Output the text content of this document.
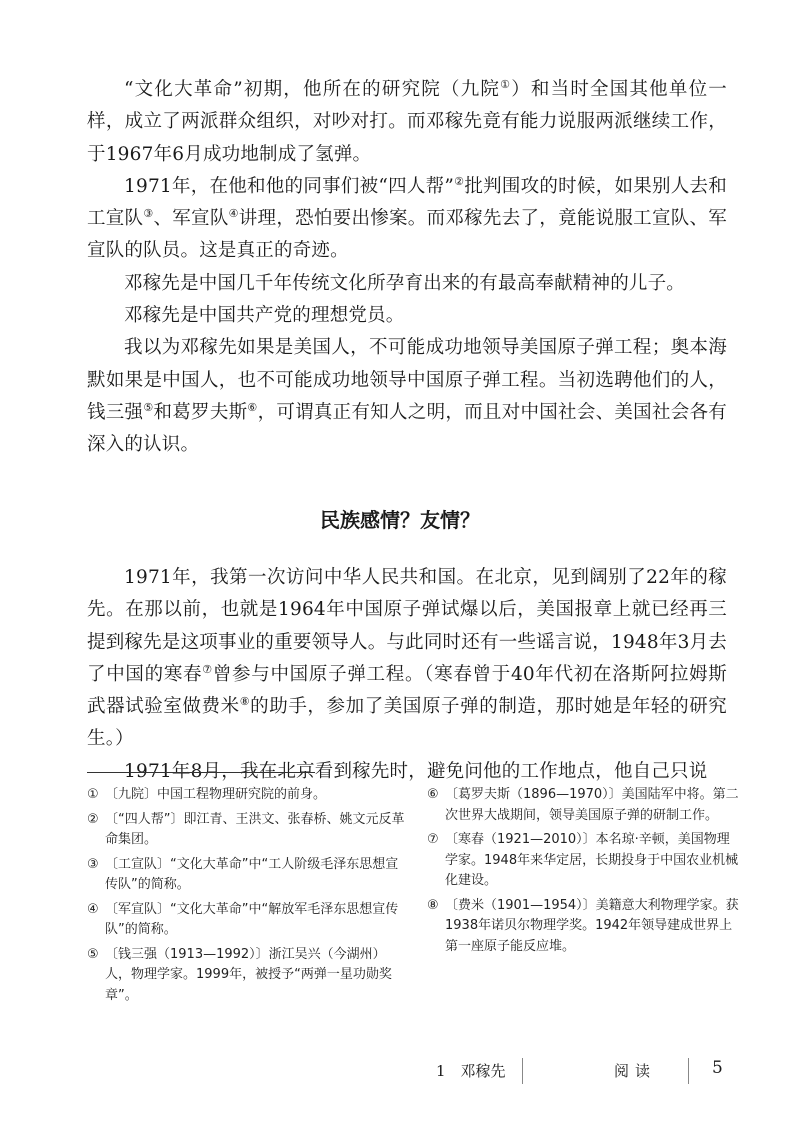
“文化大革命”初期，他所在的研究院（九院①）和当时全国其他单位一样，成立了两派群众组织，对吵对打。而邓稼先竟有能力说服两派继续工作，于1967年6月成功地制成了氢弹。

1971年，在他和他的同事们被“四人帮”②批判围攻的时候，如果别人去和工宣队③、军宣队④讲理，恐怕要出惨案。而邓稼先去了，竟能说服工宣队、军宣队的队员。这是真正的奇迹。

邓稼先是中国几千年传统文化所孕育出来的有最高奉献精神的儿子。

邓稼先是中国共产党的理想党员。

我以为邓稼先如果是美国人，不可能成功地领导美国原子弹工程；奥本海默如果是中国人，也不可能成功地领导中国原子弹工程。当初选聘他们的人，钱三强⑤和葛罗夫斯⑥，可谓真正有知人之明，而且对中国社会、美国社会各有深入的认识。

民族感情？友情？

1971年，我第一次访问中华人民共和国。在北京，见到阔别了22年的稼先。在那以前，也就是1964年中国原子弹试爆以后，美国报章上就已经再三提到稼先是这项事业的重要领导人。与此同时还有一些谣言说，1948年3月去了中国的寒春⑦曾参与中国原子弹工程。（寒春曾于40年代初在洛斯阿拉姆斯武器试验室做费米⑧的助手，参加了美国原子弹的制造，那时她是年轻的研究生。）

1971年8月，我在北京看到稼先时，避免问他的工作地点，他自己只说

① 〔九院〕中国工程物理研究院的前身。

② 〔“四人帮”〕即江青、王洪文、张春桥、姚文元反革命集团。

③ 〔工宣队〕“文化大革命”中“工人阶级毛泽东思想宣传队”的简称。

④ 〔军宣队〕“文化大革命”中“解放军毛泽东思想宣传队”的简称。

⑤ 〔钱三强（1913—1992）〕浙江吴兴（今湖州）人，物理学家。1999年，被授予“两弹一星功勋奖章”。

⑥ 〔葛罗夫斯（1896—1970）〕美国陆军中将。第二次世界大战期间，领导美国原子弹的研制工作。

⑦ 〔寒春（1921—2010）〕本名琼·辛顿，美国物理学家。1948年来华定居，长期投身于中国农业机械化建设。

⑧ 〔费米（1901—1954）〕美籍意大利物理学家。获1938年诺贝尔物理学奖。1942年领导建成世界上第一座原子能反应堆。

1　邓稼先	阅读	5
